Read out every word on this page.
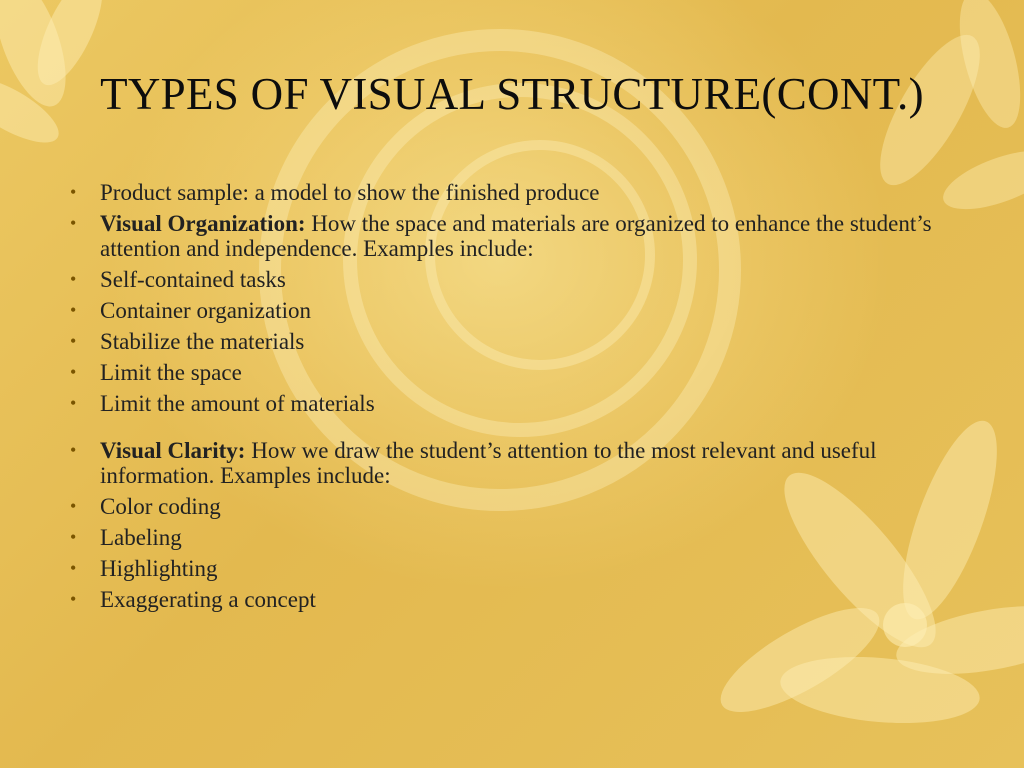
TYPES OF VISUAL STRUCTURE(CONT.)
• Product sample: a model to show the finished produce
• Visual Organization: How the space and materials are organized to enhance the student’s attention and independence. Examples include:
• Self-contained tasks
• Container organization
• Stabilize the materials
• Limit the space
• Limit the amount of materials
• Visual Clarity: How we draw the student’s attention to the most relevant and useful information. Examples include:
• Color coding
• Labeling
• Highlighting
• Exaggerating a concept
